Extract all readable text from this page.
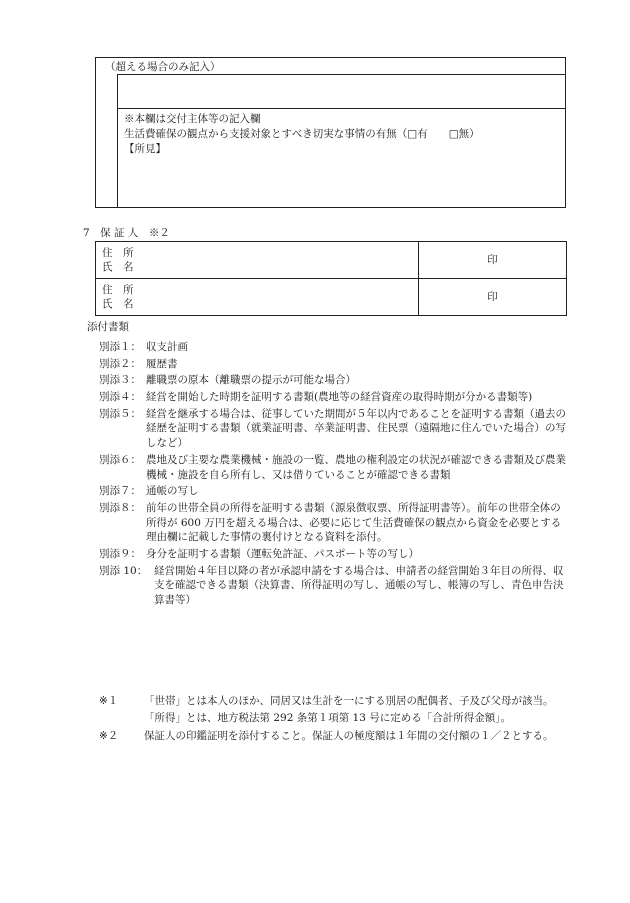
（超える場合のみ記入）
※本欄は交付主体等の記入欄
生活費確保の観点から支援対象とすべき切実な事情の有無（□有　　□無）
【所見】
7　保 証 人　※２
住　所
氏　名	印

住　所
氏　名	印
添付書類
別添１： 収支計画
別添２： 履歴書
別添３： 離職票の原本（離職票の提示が可能な場合）
別添４： 経営を開始した時期を証明する書類(農地等の経営資産の取得時期が分かる書類等)
別添５： 経営を継承する場合は、従事していた期間が５年以内であることを証明する書類（過去の経歴を証明する書類（就業証明書、卒業証明書、住民票（遠隔地に住んでいた場合）の写しなど）
別添６： 農地及び主要な農業機械・施設の一覧、農地の権利設定の状況が確認できる書類及び農業機械・施設を自ら所有し、又は借りていることが確認できる書類
別添７： 通帳の写し
別添８： 前年の世帯全員の所得を証明する書類（源泉徴収票、所得証明書等）。前年の世帯全体の所得が 600 万円を超える場合は、必要に応じて生活費確保の観点から資金を必要とする理由欄に記載した事情の裏付けとなる資料を添付。
別添９： 身分を証明する書類（運転免許証、パスポート等の写し）
別添 10： 経営開始４年目以降の者が承認申請をする場合は、申請者の経営開始３年目の所得、収支を確認できる書類（決算書、所得証明の写し、通帳の写し、帳簿の写し、青色申告決算書等）
※１ 「世帯」とは本人のほか、同居又は生計を一にする別居の配偶者、子及び父母が該当。
「所得」とは、地方税法第 292 条第１項第 13 号に定める「合計所得金額」。
※２ 保証人の印鑑証明を添付すること。保証人の極度額は１年間の交付額の１／２とする。
